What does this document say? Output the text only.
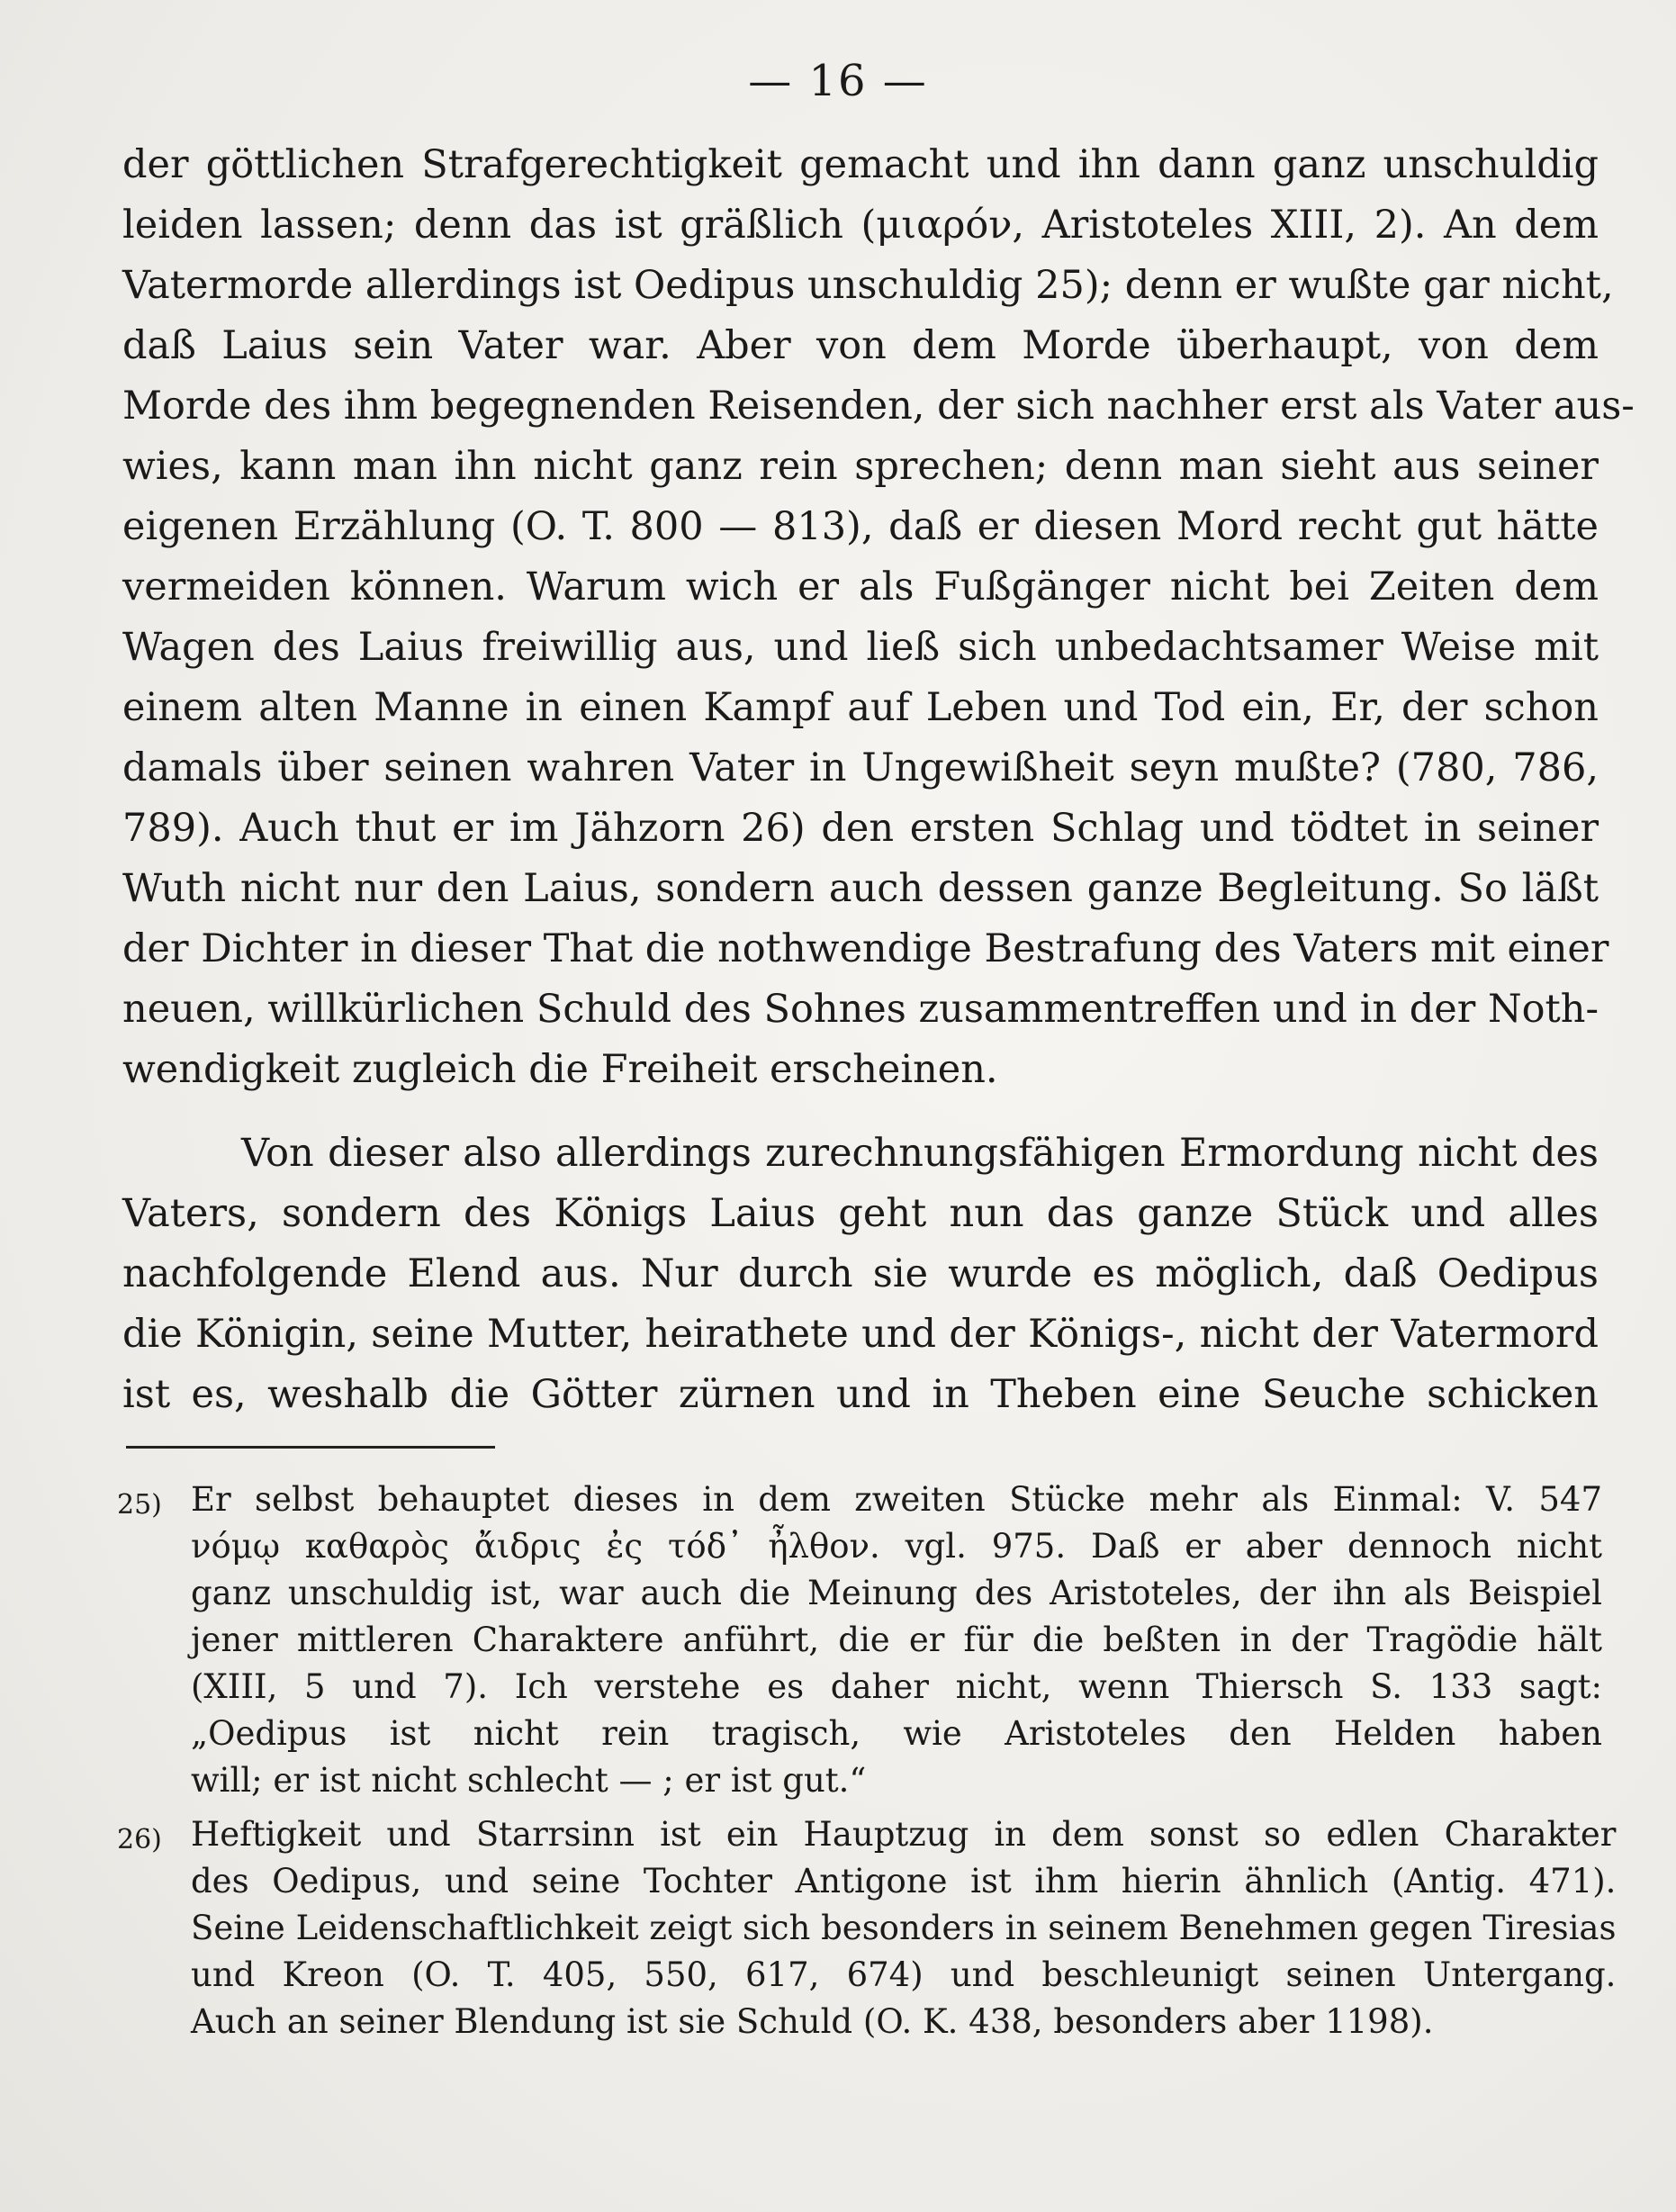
— 16 —
der göttlichen Strafgerechtigkeit gemacht und ihn dann ganz unschuldig
leiden lassen; denn das ist gräßlich (μιαρόν, Aristoteles XIII, 2). An dem
Vatermorde allerdings ist Oedipus unschuldig 25); denn er wußte gar nicht,
daß Laius sein Vater war. Aber von dem Morde überhaupt, von dem
Morde des ihm begegnenden Reisenden, der sich nachher erst als Vater aus-
wies, kann man ihn nicht ganz rein sprechen; denn man sieht aus seiner
eigenen Erzählung (O. T. 800 — 813), daß er diesen Mord recht gut hätte
vermeiden können. Warum wich er als Fußgänger nicht bei Zeiten dem
Wagen des Laius freiwillig aus, und ließ sich unbedachtsamer Weise mit
einem alten Manne in einen Kampf auf Leben und Tod ein, Er, der schon
damals über seinen wahren Vater in Ungewißheit seyn mußte? (780, 786,
789). Auch thut er im Jähzorn 26) den ersten Schlag und tödtet in seiner
Wuth nicht nur den Laius, sondern auch dessen ganze Begleitung. So läßt
der Dichter in dieser That die nothwendige Bestrafung des Vaters mit einer
neuen, willkürlichen Schuld des Sohnes zusammentreffen und in der Noth-
wendigkeit zugleich die Freiheit erscheinen.
Von dieser also allerdings zurechnungsfähigen Ermordung nicht des
Vaters, sondern des Königs Laius geht nun das ganze Stück und alles
nachfolgende Elend aus. Nur durch sie wurde es möglich, daß Oedipus
die Königin, seine Mutter, heirathete und der Königs-, nicht der Vatermord
ist es, weshalb die Götter zürnen und in Theben eine Seuche schicken
25) Er selbst behauptet dieses in dem zweiten Stücke mehr als Einmal: V. 547
νόμῳ καθαρὸς ἄιδρις ἐς τόδ᾽ ἦλθον. vgl. 975. Daß er aber dennoch nicht
ganz unschuldig ist, war auch die Meinung des Aristoteles, der ihn als Beispiel
jener mittleren Charaktere anführt, die er für die beßten in der Tragödie hält
(XIII, 5 und 7). Ich verstehe es daher nicht, wenn Thiersch S. 133 sagt:
„Oedipus ist nicht rein tragisch, wie Aristoteles den Helden haben
will; er ist nicht schlecht — ; er ist gut.“
26) Heftigkeit und Starrsinn ist ein Hauptzug in dem sonst so edlen Charakter
des Oedipus, und seine Tochter Antigone ist ihm hierin ähnlich (Antig. 471).
Seine Leidenschaftlichkeit zeigt sich besonders in seinem Benehmen gegen Tiresias
und Kreon (O. T. 405, 550, 617, 674) und beschleunigt seinen Untergang.
Auch an seiner Blendung ist sie Schuld (O. K. 438, besonders aber 1198).
